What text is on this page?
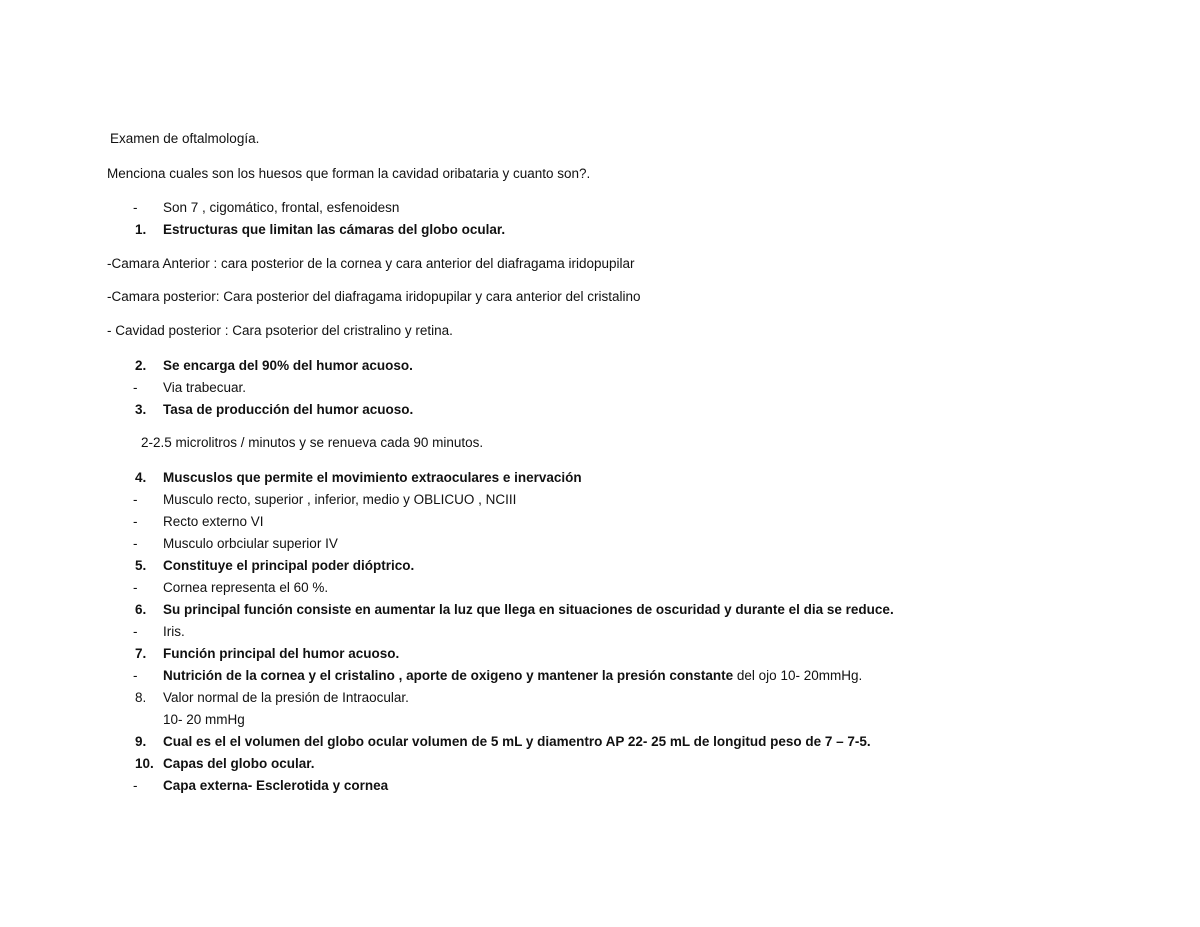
Examen de oftalmología.
Menciona cuales son los huesos que forman la cavidad oribataria y cuanto son?.
- Son 7 , cigomático, frontal, esfenoidesn
1. Estructuras que limitan las cámaras del globo ocular.
-Camara Anterior : cara posterior de la cornea y cara anterior del diafragama iridopupilar
-Camara posterior: Cara posterior del diafragama iridopupilar y cara anterior del cristalino
- Cavidad posterior : Cara psoterior del cristralino y retina.
2. Se encarga del 90% del humor acuoso.
- Via trabecuar.
3. Tasa de producción del humor acuoso.
2-2.5 microlitros / minutos y se renueva cada 90 minutos.
4. Muscuslos que permite el movimiento extraoculares e inervación
- Musculo recto, superior , inferior, medio y OBLICUO , NCIII
- Recto externo VI
- Musculo orbciular superior IV
5. Constituye el principal poder dióptrico.
- Cornea representa el 60 %.
6. Su principal función consiste en aumentar la luz que llega en situaciones de oscuridad y durante el dia se reduce.
- Iris.
7. Función principal del humor acuoso.
- Nutrición de la cornea y el cristalino , aporte de oxigeno y mantener la presión constante del ojo 10- 20mmHg.
8. Valor normal de la presión de Intraocular.
10- 20 mmHg
9. Cual es el el volumen del globo ocular volumen de 5 mL y diamentro AP 22- 25 mL de longitud peso de 7 – 7-5.
10. Capas del globo ocular.
- Capa externa- Esclerotida y cornea
